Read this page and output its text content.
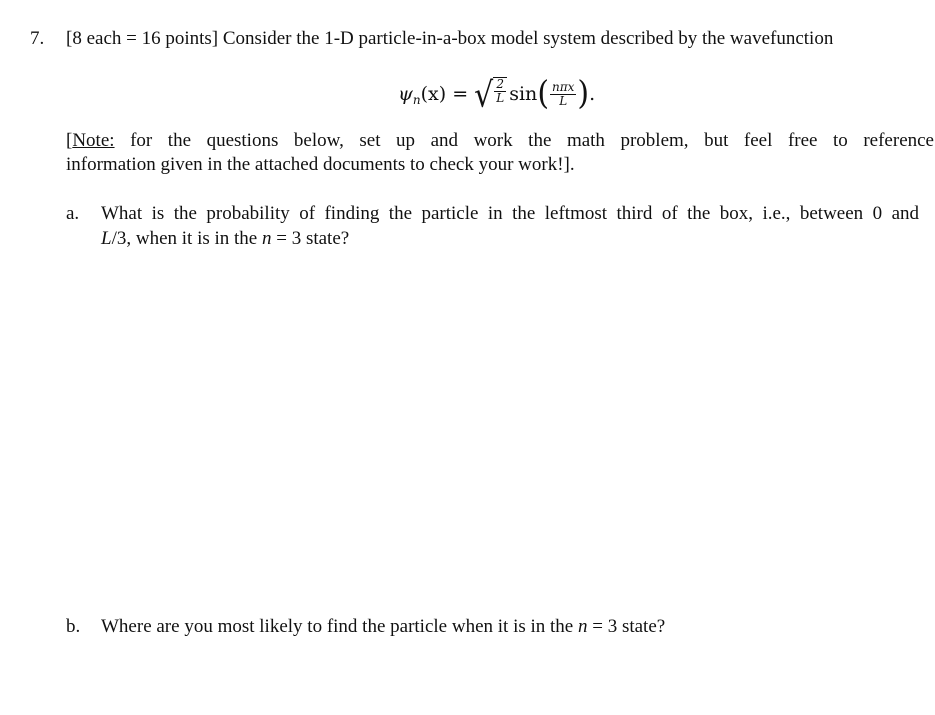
7. [8 each = 16 points] Consider the 1-D particle-in-a-box model system described by the wavefunction
ψ n (x) = √ $\frac{2}{L}$ sin ( $\frac{\text{nπx}}{L}$ ) .
[Note: for the questions below, set up and work the math problem, but feel free to reference
information given in the attached documents to check your work!].
a. What is the probability of finding the particle in the leftmost third of the box, i.e., between 0 and
L/3, when it is in the n = 3 state?
b. Where are you most likely to find the particle when it is in the n = 3 state?
